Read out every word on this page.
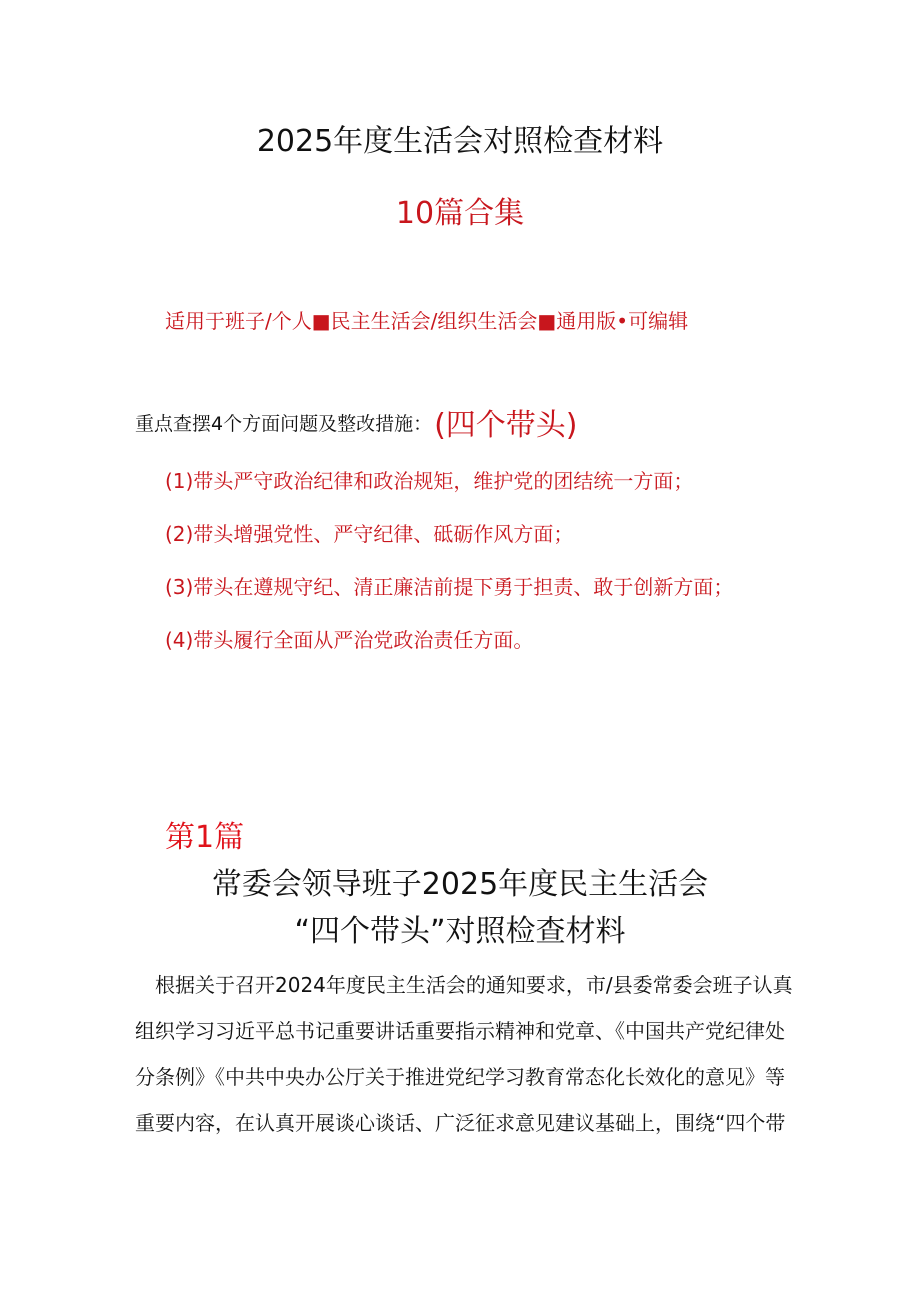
2025年度生活会对照检查材料
10篇合集
适用于班子/个人■民主生活会/组织生活会■通用版•可编辑
重点查摆4个方面问题及整改措施： (四个带头)
(1)带头严守政治纪律和政治规矩，维护党的团结统一方面；
(2)带头增强党性、严守纪律、砥砺作风方面；
(3)带头在遵规守纪、清正廉洁前提下勇于担责、敢于创新方面；
(4)带头履行全面从严治党政治责任方面。
第1篇
常委会领导班子2025年度民主生活会
“四个带头”对照检查材料
根据关于召开2024年度民主生活会的通知要求，市/县委常委会班子认真
组织学习习近平总书记重要讲话重要指示精神和党章、《中国共产党纪律处
分条例》《中共中央办公厅关于推进党纪学习教育常态化长效化的意见》等
重要内容，在认真开展谈心谈话、广泛征求意见建议基础上，围绕“四个带
